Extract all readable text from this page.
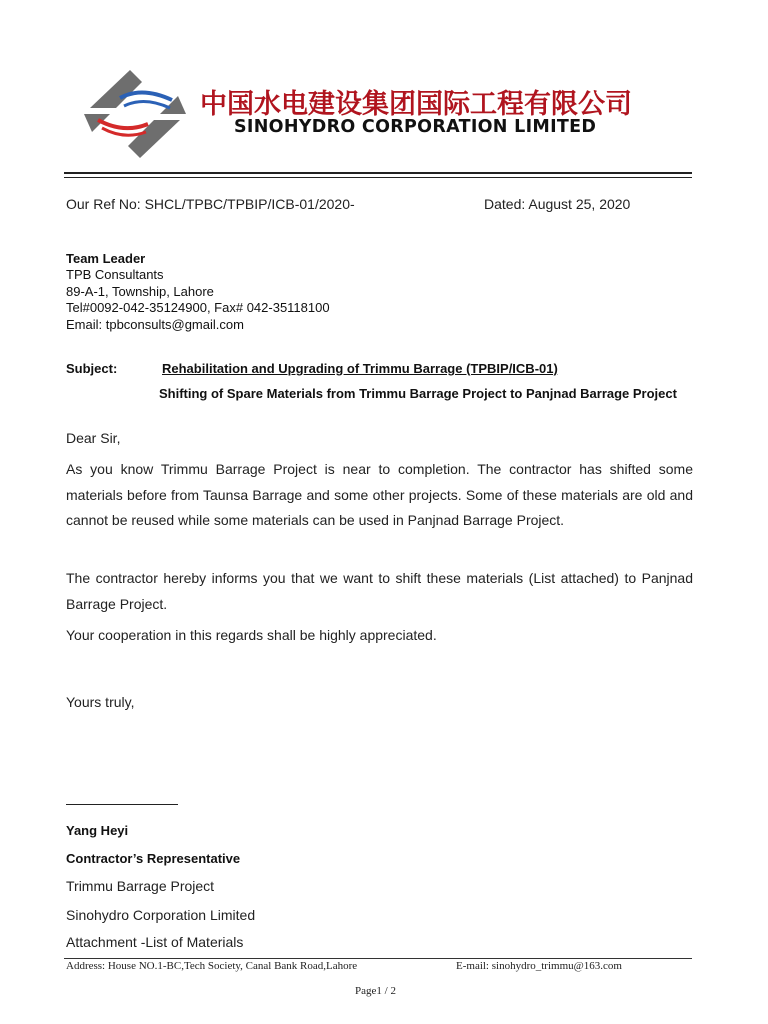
中国水电建设集团国际工程有限公司
SINOHYDRO CORPORATION LIMITED
Our Ref No: SHCL/TPBC/TPBIP/ICB-01/2020-	Dated: August 25, 2020
Team Leader
TPB Consultants
89-A-1, Township, Lahore
Tel#0092-042-35124900, Fax# 042-35118100
Email: tpbconsults@gmail.com
Subject:	Rehabilitation and Upgrading of Trimmu Barrage (TPBIP/ICB-01)
Shifting of Spare Materials from Trimmu Barrage Project to Panjnad Barrage Project
Dear Sir,
As you know Trimmu Barrage Project is near to completion. The contractor has shifted some materials before from Taunsa Barrage and some other projects. Some of these materials are old and cannot be reused while some materials can be used in Panjnad Barrage Project.
The contractor hereby informs you that we want to shift these materials (List attached) to Panjnad Barrage Project.
Your cooperation in this regards shall be highly appreciated.
Yours truly,
Yang Heyi
Contractor’s Representative
Trimmu Barrage Project
Sinohydro Corporation Limited
Attachment -List of Materials
Address: House NO.1-BC,Tech Society, Canal Bank Road,Lahore	E-mail: sinohydro_trimmu@163.com
Page1 / 2
